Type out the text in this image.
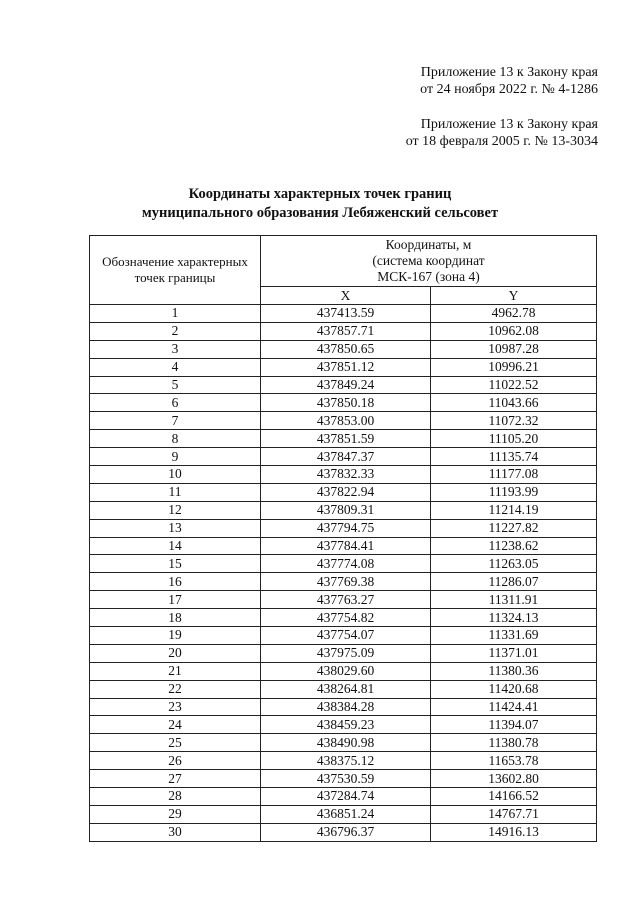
Приложение 13 к Закону края
от 24 ноября 2022 г. № 4-1286
Приложение 13 к Закону края
от 18 февраля 2005 г. № 13-3034
Координаты характерных точек границ
муниципального образования Лебяженский сельсовет
Обозначение характерных точек границы	Координаты, м
(система координат
МСК-167 (зона 4)	

	X	Y
1	437413.59	4962.78
2	437857.71	10962.08
3	437850.65	10987.28
4	437851.12	10996.21
5	437849.24	11022.52
6	437850.18	11043.66
7	437853.00	11072.32
8	437851.59	11105.20
9	437847.37	11135.74
10	437832.33	11177.08
11	437822.94	11193.99
12	437809.31	11214.19
13	437794.75	11227.82
14	437784.41	11238.62
15	437774.08	11263.05
16	437769.38	11286.07
17	437763.27	11311.91
18	437754.82	11324.13
19	437754.07	11331.69
20	437975.09	11371.01
21	438029.60	11380.36
22	438264.81	11420.68
23	438384.28	11424.41
24	438459.23	11394.07
25	438490.98	11380.78
26	438375.12	11653.78
27	437530.59	13602.80
28	437284.74	14166.52
29	436851.24	14767.71
30	436796.37	14916.13
